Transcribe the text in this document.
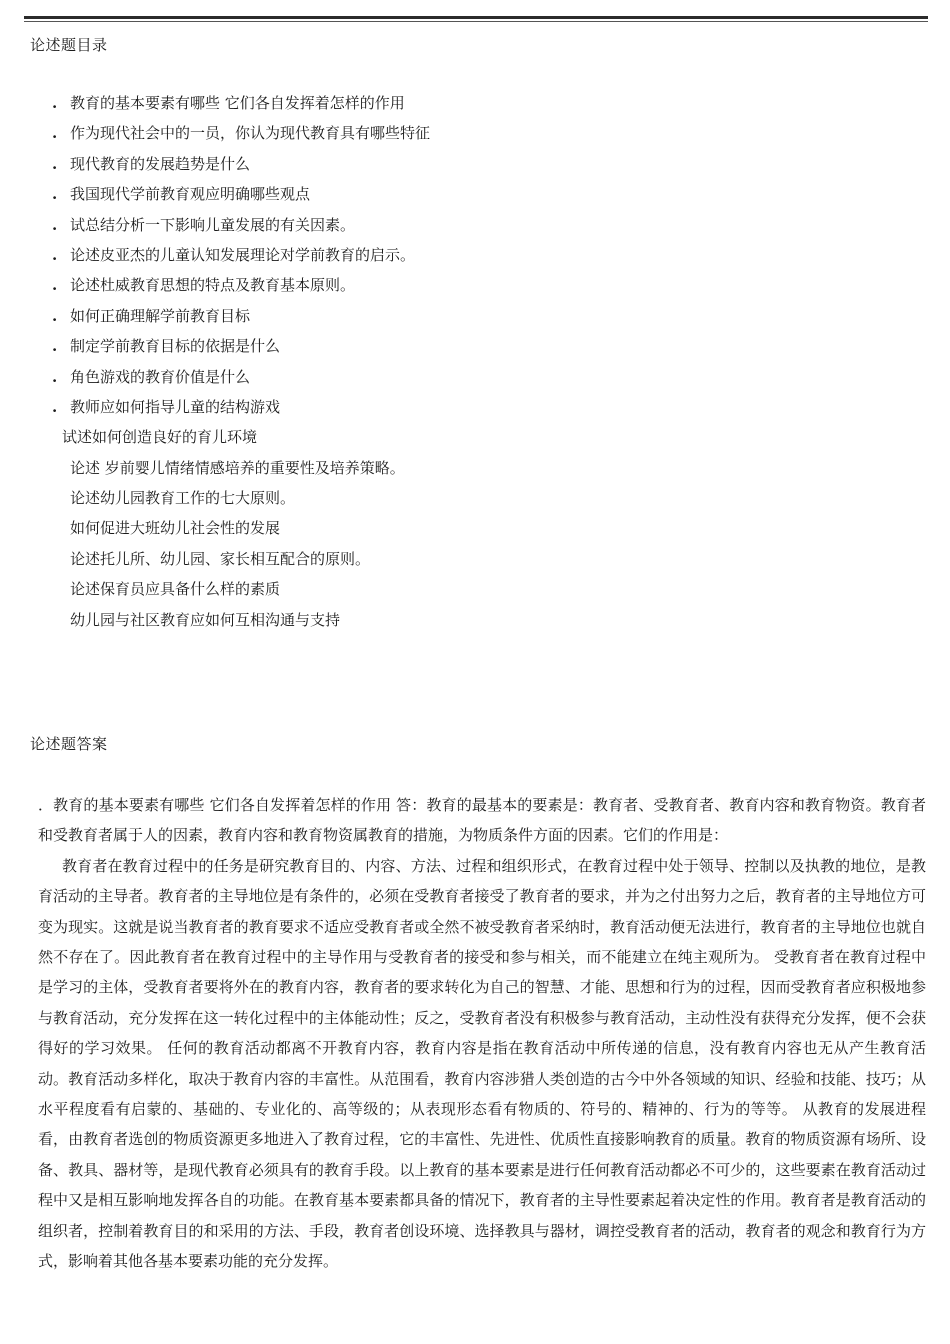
论述题目录
. 教育的基本要素有哪些 它们各自发挥着怎样的作用
. 作为现代社会中的一员，你认为现代教育具有哪些特征
. 现代教育的发展趋势是什么
. 我国现代学前教育观应明确哪些观点
. 试总结分析一下影响儿童发展的有关因素。
. 论述皮亚杰的儿童认知发展理论对学前教育的启示。
. 论述杜威教育思想的特点及教育基本原则。
. 如何正确理解学前教育目标
. 制定学前教育目标的依据是什么
. 角色游戏的教育价值是什么
. 教师应如何指导儿童的结构游戏
试述如何创造良好的育儿环境
论述 岁前婴儿情绪情感培养的重要性及培养策略。
论述幼儿园教育工作的七大原则。
如何促进大班幼儿社会性的发展
论述托儿所、幼儿园、家长相互配合的原则。
论述保育员应具备什么样的素质
幼儿园与社区教育应如何互相沟通与支持
论述题答案

．教育的基本要素有哪些 它们各自发挥着怎样的作用 答：教育的最基本的要素是：教育者、受教育者、教育内容和教育物资。教育者和受教育者属于人的因素，教育内容和教育物资属教育的措施，为物质条件方面的因素。它们的作用是：

教育者在教育过程中的任务是研究教育目的、内容、方法、过程和组织形式，在教育过程中处于领导、控制以及执教的地位，是教育活动的主导者。教育者的主导地位是有条件的，必须在受教育者接受了教育者的要求，并为之付出努力之后，教育者的主导地位方可变为现实。这就是说当教育者的教育要求不适应受教育者或全然不被受教育者采纳时，教育活动便无法进行，教育者的主导地位也就自然不存在了。因此教育者在教育过程中的主导作用与受教育者的接受和参与相关，而不能建立在纯主观所为。 受教育者在教育过程中是学习的主体，受教育者要将外在的教育内容，教育者的要求转化为自己的智慧、才能、思想和行为的过程，因而受教育者应积极地参与教育活动，充分发挥在这一转化过程中的主体能动性；反之，受教育者没有积极参与教育活动，主动性没有获得充分发挥，便不会获得好的学习效果。 任何的教育活动都离不开教育内容，教育内容是指在教育活动中所传递的信息，没有教育内容也无从产生教育活动。教育活动多样化，取决于教育内容的丰富性。从范围看，教育内容涉猎人类创造的古今中外各领域的知识、经验和技能、技巧；从水平程度看有启蒙的、基础的、专业化的、高等级的；从表现形态看有物质的、符号的、精神的、行为的等等。 从教育的发展进程看，由教育者选创的物质资源更多地进入了教育过程，它的丰富性、先进性、优质性直接影响教育的质量。教育的物质资源有场所、设备、教具、器材等，是现代教育必须具有的教育手段。以上教育的基本要素是进行任何教育活动都必不可少的，这些要素在教育活动过程中又是相互影响地发挥各自的功能。在教育基本要素都具备的情况下，教育者的主导性要素起着决定性的作用。教育者是教育活动的组织者，控制着教育目的和采用的方法、手段，教育者创设环境、选择教具与器材，调控受教育者的活动，教育者的观念和教育行为方式，影响着其他各基本要素功能的充分发挥。
